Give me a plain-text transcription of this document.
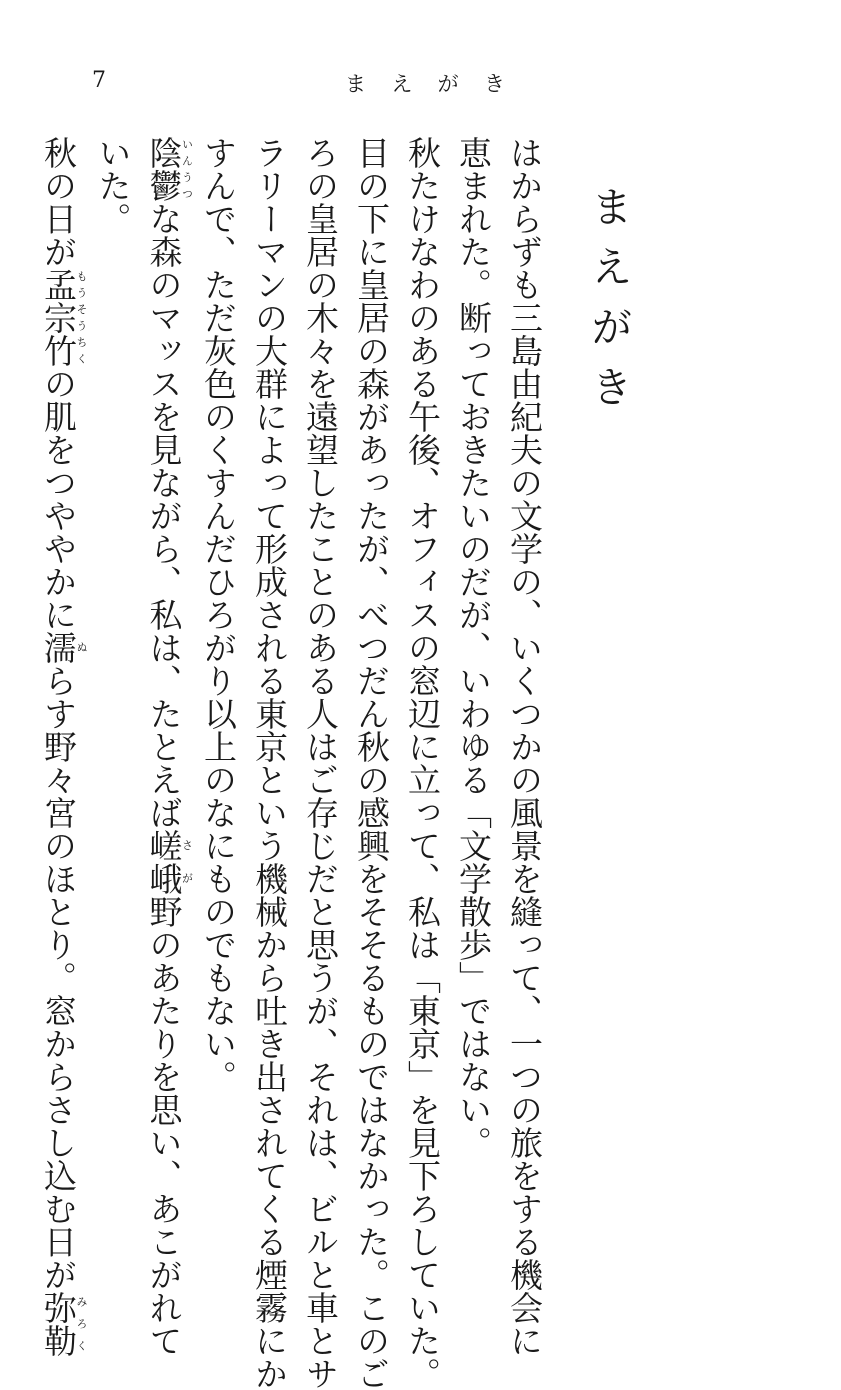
7	ま え が き
まえがき
はからずも三島由紀夫の文学の、いくつかの風景を縫って、一つの旅をする機会に
恵まれた。断っておきたいのだが、いわゆる「文学散歩」ではない。
秋たけなわのある午後、オフィスの窓辺に立って、私は「東京」を見下ろしていた。
目の下に皇居の森があったが、べつだん秋の感興をそそるものではなかった。このご
ろの皇居の木々を遠望したことのある人はご存じだと思うが、それは、ビルと車とサ
ラリーマンの大群によって形成される東京という機械から吐き出されてくる煙霧にか
すんで、ただ灰色のくすんだひろがり以上のなにものでもない。
陰鬱いんうつな森のマッスを見ながら、私は、たとえば嵯峨さが野のあたりを思い、あこがれて
いた。
秋の日が孟宗竹もうそうちくの肌をつややかに濡ぬらす野々宮のほとり。窓からさし込む日が弥勒みろく
